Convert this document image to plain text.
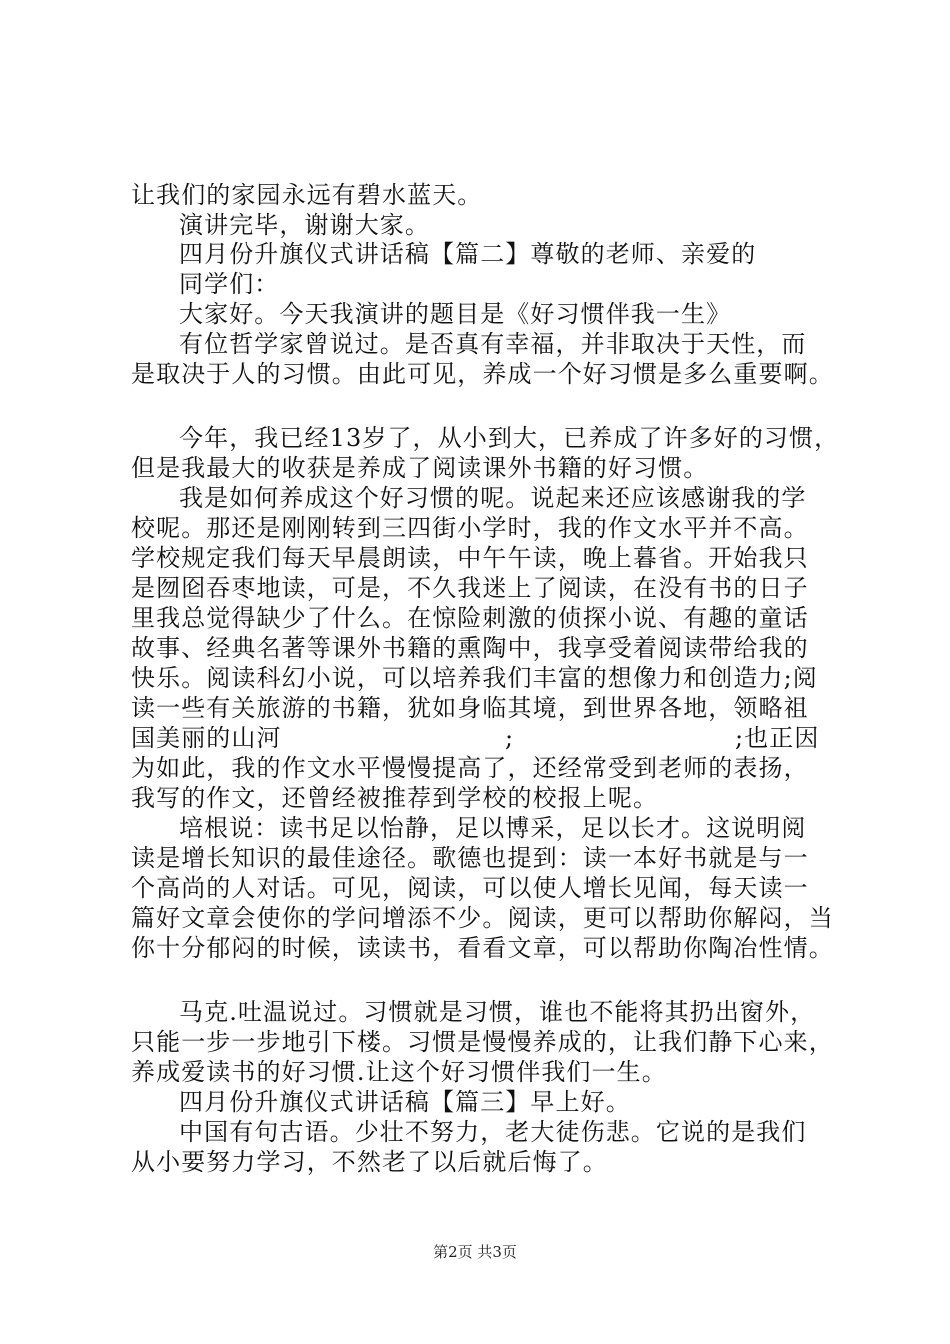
让我们的家园永远有碧水蓝天。
演讲完毕，谢谢大家。
四月份升旗仪式讲话稿【篇二】尊敬的老师、亲爱的
同学们：
大家好。今天我演讲的题目是《好习惯伴我一生》
有位哲学家曾说过。是否真有幸福，并非取决于天性，而
是取决于人的习惯。由此可见，养成一个好习惯是多么重要啊。
今年，我已经13岁了，从小到大，已养成了许多好的习惯，
但是我最大的收获是养成了阅读课外书籍的好习惯。
我是如何养成这个好习惯的呢。说起来还应该感谢我的学
校呢。那还是刚刚转到三四街小学时，我的作文水平并不高。
学校规定我们每天早晨朗读，中午午读，晚上暮省。开始我只
是囫囵吞枣地读，可是，不久我迷上了阅读，在没有书的日子
里我总觉得缺少了什么。在惊险刺激的侦探小说、有趣的童话
故事、经典名著等课外书籍的熏陶中，我享受着阅读带给我的
快乐。阅读科幻小说，可以培养我们丰富的想像力和创造力;阅
读一些有关旅游的书籍，犹如身临其境，到世界各地，领略祖
国美丽的山河	;	;也正因
为如此，我的作文水平慢慢提高了，还经常受到老师的表扬，
我写的作文，还曾经被推荐到学校的校报上呢。
培根说：读书足以怡静，足以博采，足以长才。这说明阅
读是增长知识的最佳途径。歌德也提到：读一本好书就是与一
个高尚的人对话。可见，阅读，可以使人增长见闻，每天读一
篇好文章会使你的学问增添不少。阅读，更可以帮助你解闷，当
你十分郁闷的时候，读读书，看看文章，可以帮助你陶冶性情。
马克.吐温说过。习惯就是习惯，谁也不能将其扔出窗外，
只能一步一步地引下楼。习惯是慢慢养成的，让我们静下心来，
养成爱读书的好习惯.让这个好习惯伴我们一生。
四月份升旗仪式讲话稿【篇三】早上好。
中国有句古语。少壮不努力，老大徒伤悲。它说的是我们
从小要努力学习，不然老了以后就后悔了。
第2页 共3页
